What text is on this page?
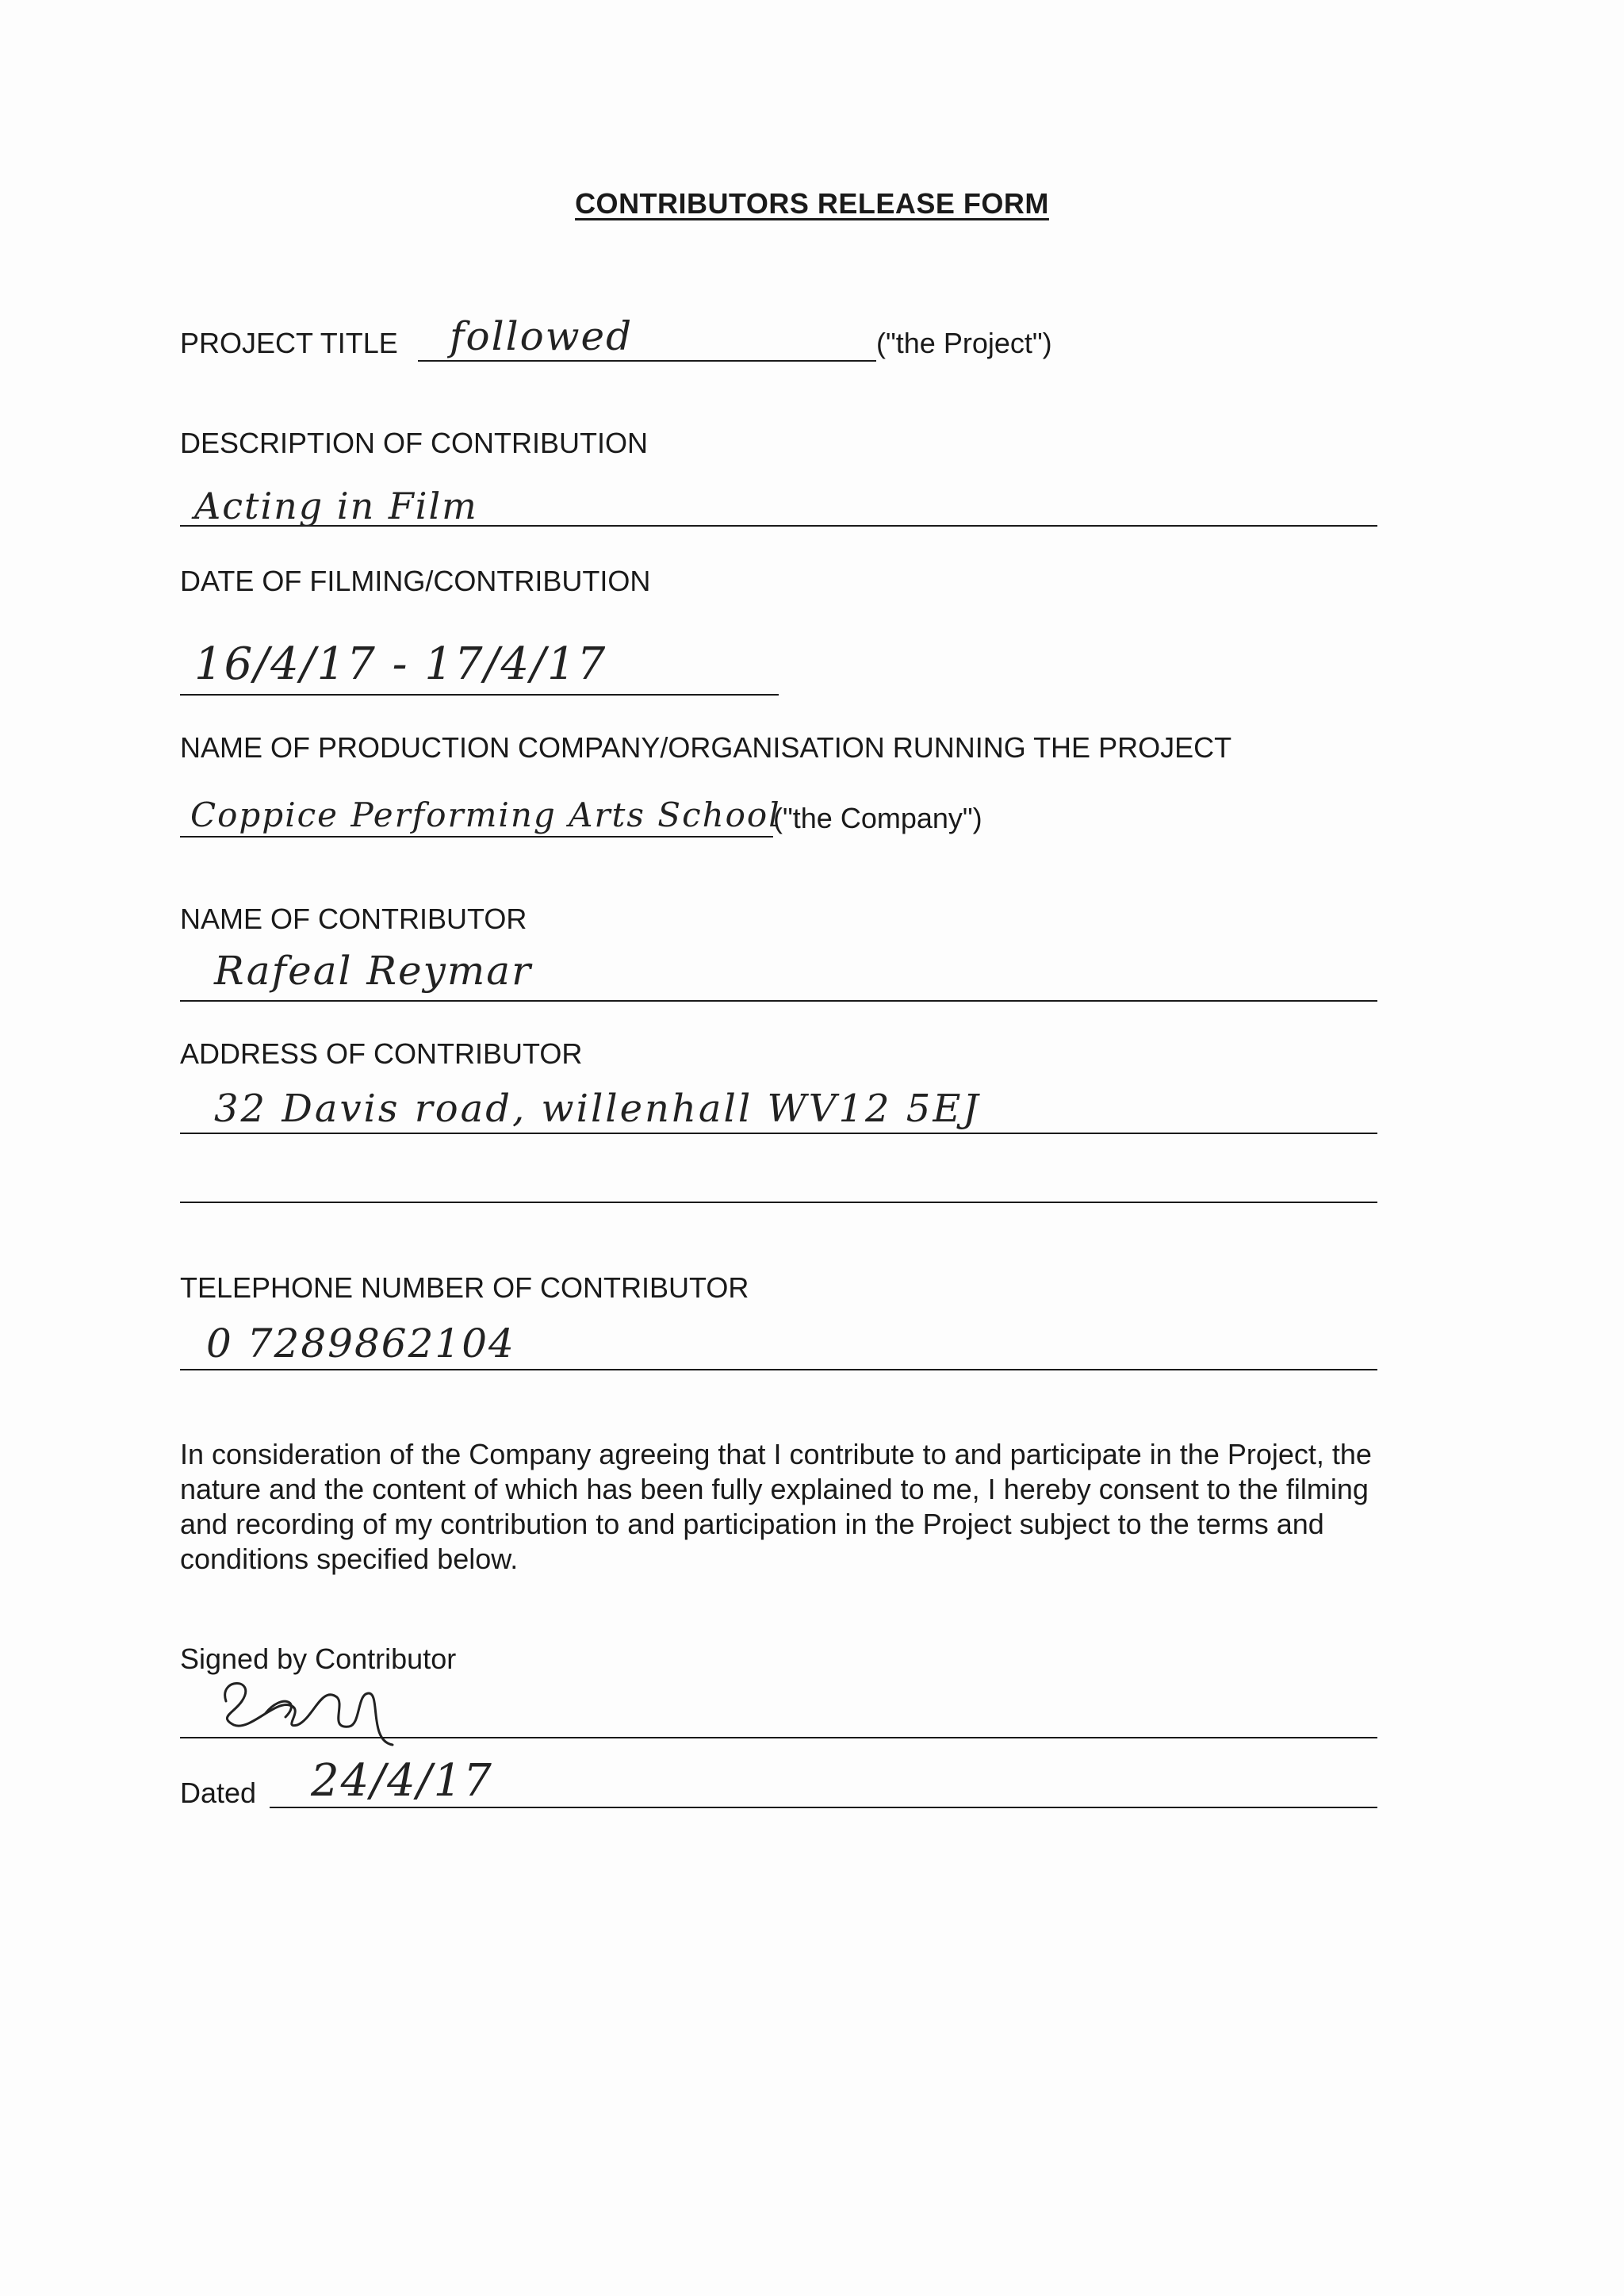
CONTRIBUTORS RELEASE FORM
PROJECT TITLE followed	("the Project")
DESCRIPTION OF CONTRIBUTION
Acting in Film
DATE OF FILMING/CONTRIBUTION
16/4/17 - 17/4/17
NAME OF PRODUCTION COMPANY/ORGANISATION RUNNING THE PROJECT
Coppice Performing Arts School
("the Company")
NAME OF CONTRIBUTOR
Rafeal Reymar
ADDRESS OF CONTRIBUTOR
32 Davis road, willenhall WV12 5EJ
TELEPHONE NUMBER OF CONTRIBUTOR
0 7289862104
In consideration of the Company agreeing that I contribute to and participate in the Project, the nature and the content of which has been fully explained to me, I hereby consent to the filming and recording of my contribution to and participation in the Project subject to the terms and conditions specified below.
Signed by Contributor
Dated 24/4/17
